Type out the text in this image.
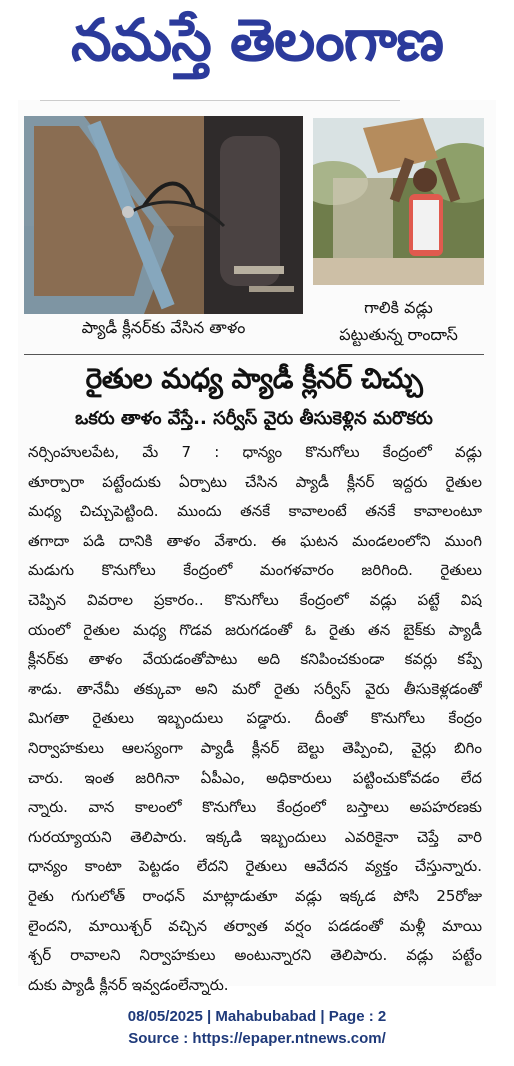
నమస్తే తెలంగాణ
ప్యాడీ క్లీనర్‌కు వేసిన తాళం
గాలికి వడ్లు
పట్టుతున్న రాందాస్
రైతుల మధ్య ప్యాడీ క్లీనర్ చిచ్చు
ఒకరు తాళం వేస్తే.. సర్వీస్ వైరు తీసుకెళ్లిన మరొకరు
నర్సింహులపేట, మే 7 : ధాన్యం కొనుగోలు కేంద్రంలో వడ్లు
తూర్పారా పట్టేందుకు ఏర్పాటు చేసిన ప్యాడీ క్లీనర్ ఇద్దరు రైతుల
మధ్య చిచ్చుపెట్టింది. ముందు తనకే కావాలంటే తనకే కావాలంటూ
తగాదా పడి దానికి తాళం వేశారు. ఈ ఘటన మండలంలోని ముంగి
మడుగు కొనుగోలు కేంద్రంలో మంగళవారం జరిగింది. రైతులు
చెప్పిన వివరాల ప్రకారం.. కొనుగోలు కేంద్రంలో వడ్లు పట్టే విష
యంలో రైతుల మధ్య గొడవ జరుగడంతో ఓ రైతు తన బైక్‌కు ప్యాడీ
క్లీనర్‌కు తాళం వేయడంతోపాటు అది కనిపించకుండా కవర్లు కప్పే
శాడు. తానేమీ తక్కువా అని మరో రైతు సర్వీస్ వైరు తీసుకెళ్లడంతో
మిగతా రైతులు ఇబ్బందులు పడ్డారు. దీంతో కొనుగోలు కేంద్రం
నిర్వాహకులు ఆలస్యంగా ప్యాడీ క్లీనర్ బెల్టు తెప్పించి, వైర్లు బిగిం
చారు. ఇంత జరిగినా ఏపీఎం, అధికారులు పట్టించుకోవడం లేద
న్నారు. వాన కాలంలో కొనుగోలు కేంద్రంలో బస్తాలు అపహరణకు
గురయ్యాయని తెలిపారు. ఇక్కడి ఇబ్బందులు ఎవరికైనా చెప్తే వారి
ధాన్యం కాంటా పెట్టడం లేదని రైతులు ఆవేదన వ్యక్తం చేస్తున్నారు.
రైతు గుగులోత్ రాంధన్ మాట్లాడుతూ వడ్లు ఇక్కడ పోసి 25రోజు
లైందని, మాయిశ్చర్ వచ్చిన తర్వాత వర్షం పడడంతో మళ్లీ మాయి
శ్చర్ రావాలని నిర్వాహకులు అంటున్నారని తెలిపారు. వడ్లు పట్టేం
దుకు ప్యాడీ క్లీనర్ ఇవ్వడంలేన్నారు.
08/05/2025 | Mahabubabad | Page : 2
Source : https://epaper.ntnews.com/
